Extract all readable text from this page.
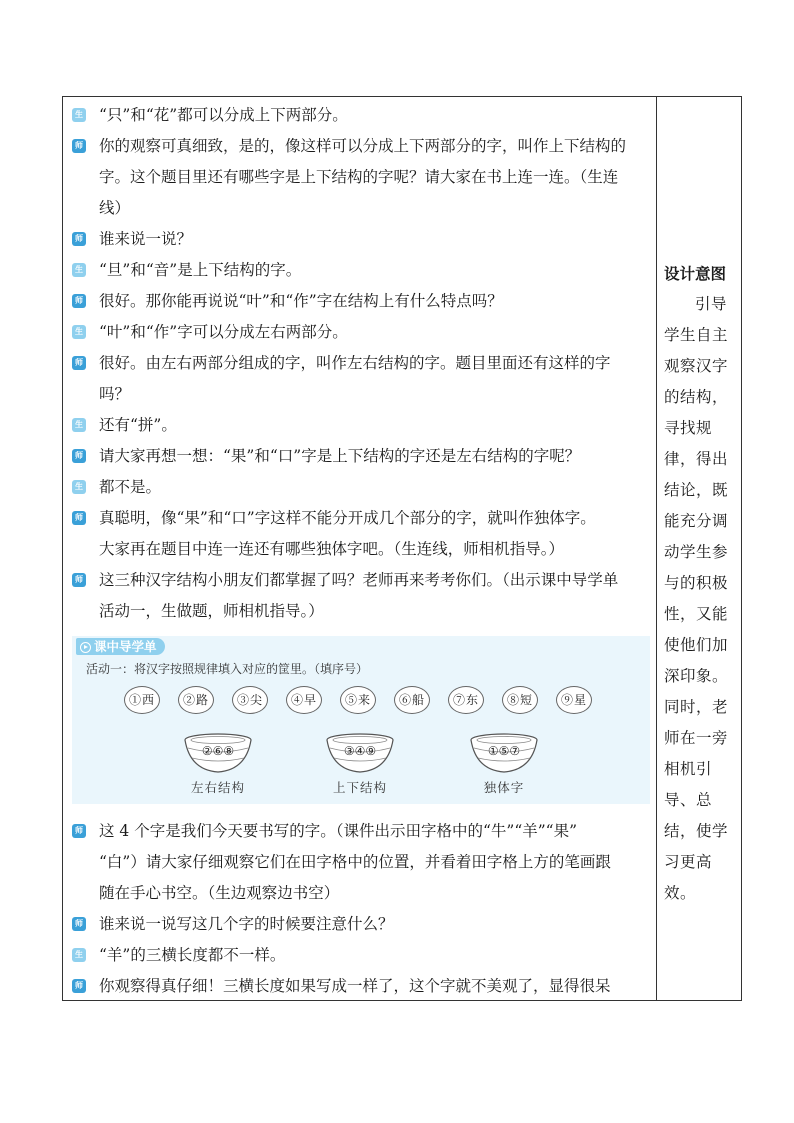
生 “只”和“花”都可以分成上下两部分。
师 你的观察可真细致，是的，像这样可以分成上下两部分的字，叫作上下结构的
字。这个题目里还有哪些字是上下结构的字呢？请大家在书上连一连。（生连
线）
师 谁来说一说？
生 “旦”和“音”是上下结构的字。
师 很好。那你能再说说“叶”和“作”字在结构上有什么特点吗？
生 “叶”和“作”字可以分成左右两部分。
师 很好。由左右两部分组成的字，叫作左右结构的字。题目里面还有这样的字
吗？
生 还有“拼”。
师 请大家再想一想：“果”和“口”字是上下结构的字还是左右结构的字呢？
生 都不是。
师 真聪明，像“果”和“口”字这样不能分开成几个部分的字，就叫作独体字。
大家再在题目中连一连还有哪些独体字吧。（生连线，师相机指导。）
师 这三种汉字结构小朋友们都掌握了吗？老师再来考考你们。（出示课中导学单
活动一，生做题，师相机指导。）
课中导学单
活动一：将汉字按照规律填入对应的筐里。（填序号）
①西	②路	③尖	④早	⑤来	⑥船	⑦东	⑧短	⑨星
②⑥⑧
左右结构
③④⑨
上下结构
①⑤⑦
独体字
师 这 4 个字是我们今天要书写的字。（课件出示田字格中的“牛”“羊”“果”
“白”）请大家仔细观察它们在田字格中的位置，并看着田字格上方的笔画跟
随在手心书空。（生边观察边书空）
师 谁来说一说写这几个字的时候要注意什么？
生 “羊”的三横长度都不一样。
师 你观察得真仔细！三横长度如果写成一样了，这个字就不美观了，显得很呆
设计意图
引导学生自主观察汉字的结构，寻找规律，得出结论，既能充分调动学生参与的积极性，又能使他们加深印象。同时，老师在一旁相机引导、总结，使学习更高效。
